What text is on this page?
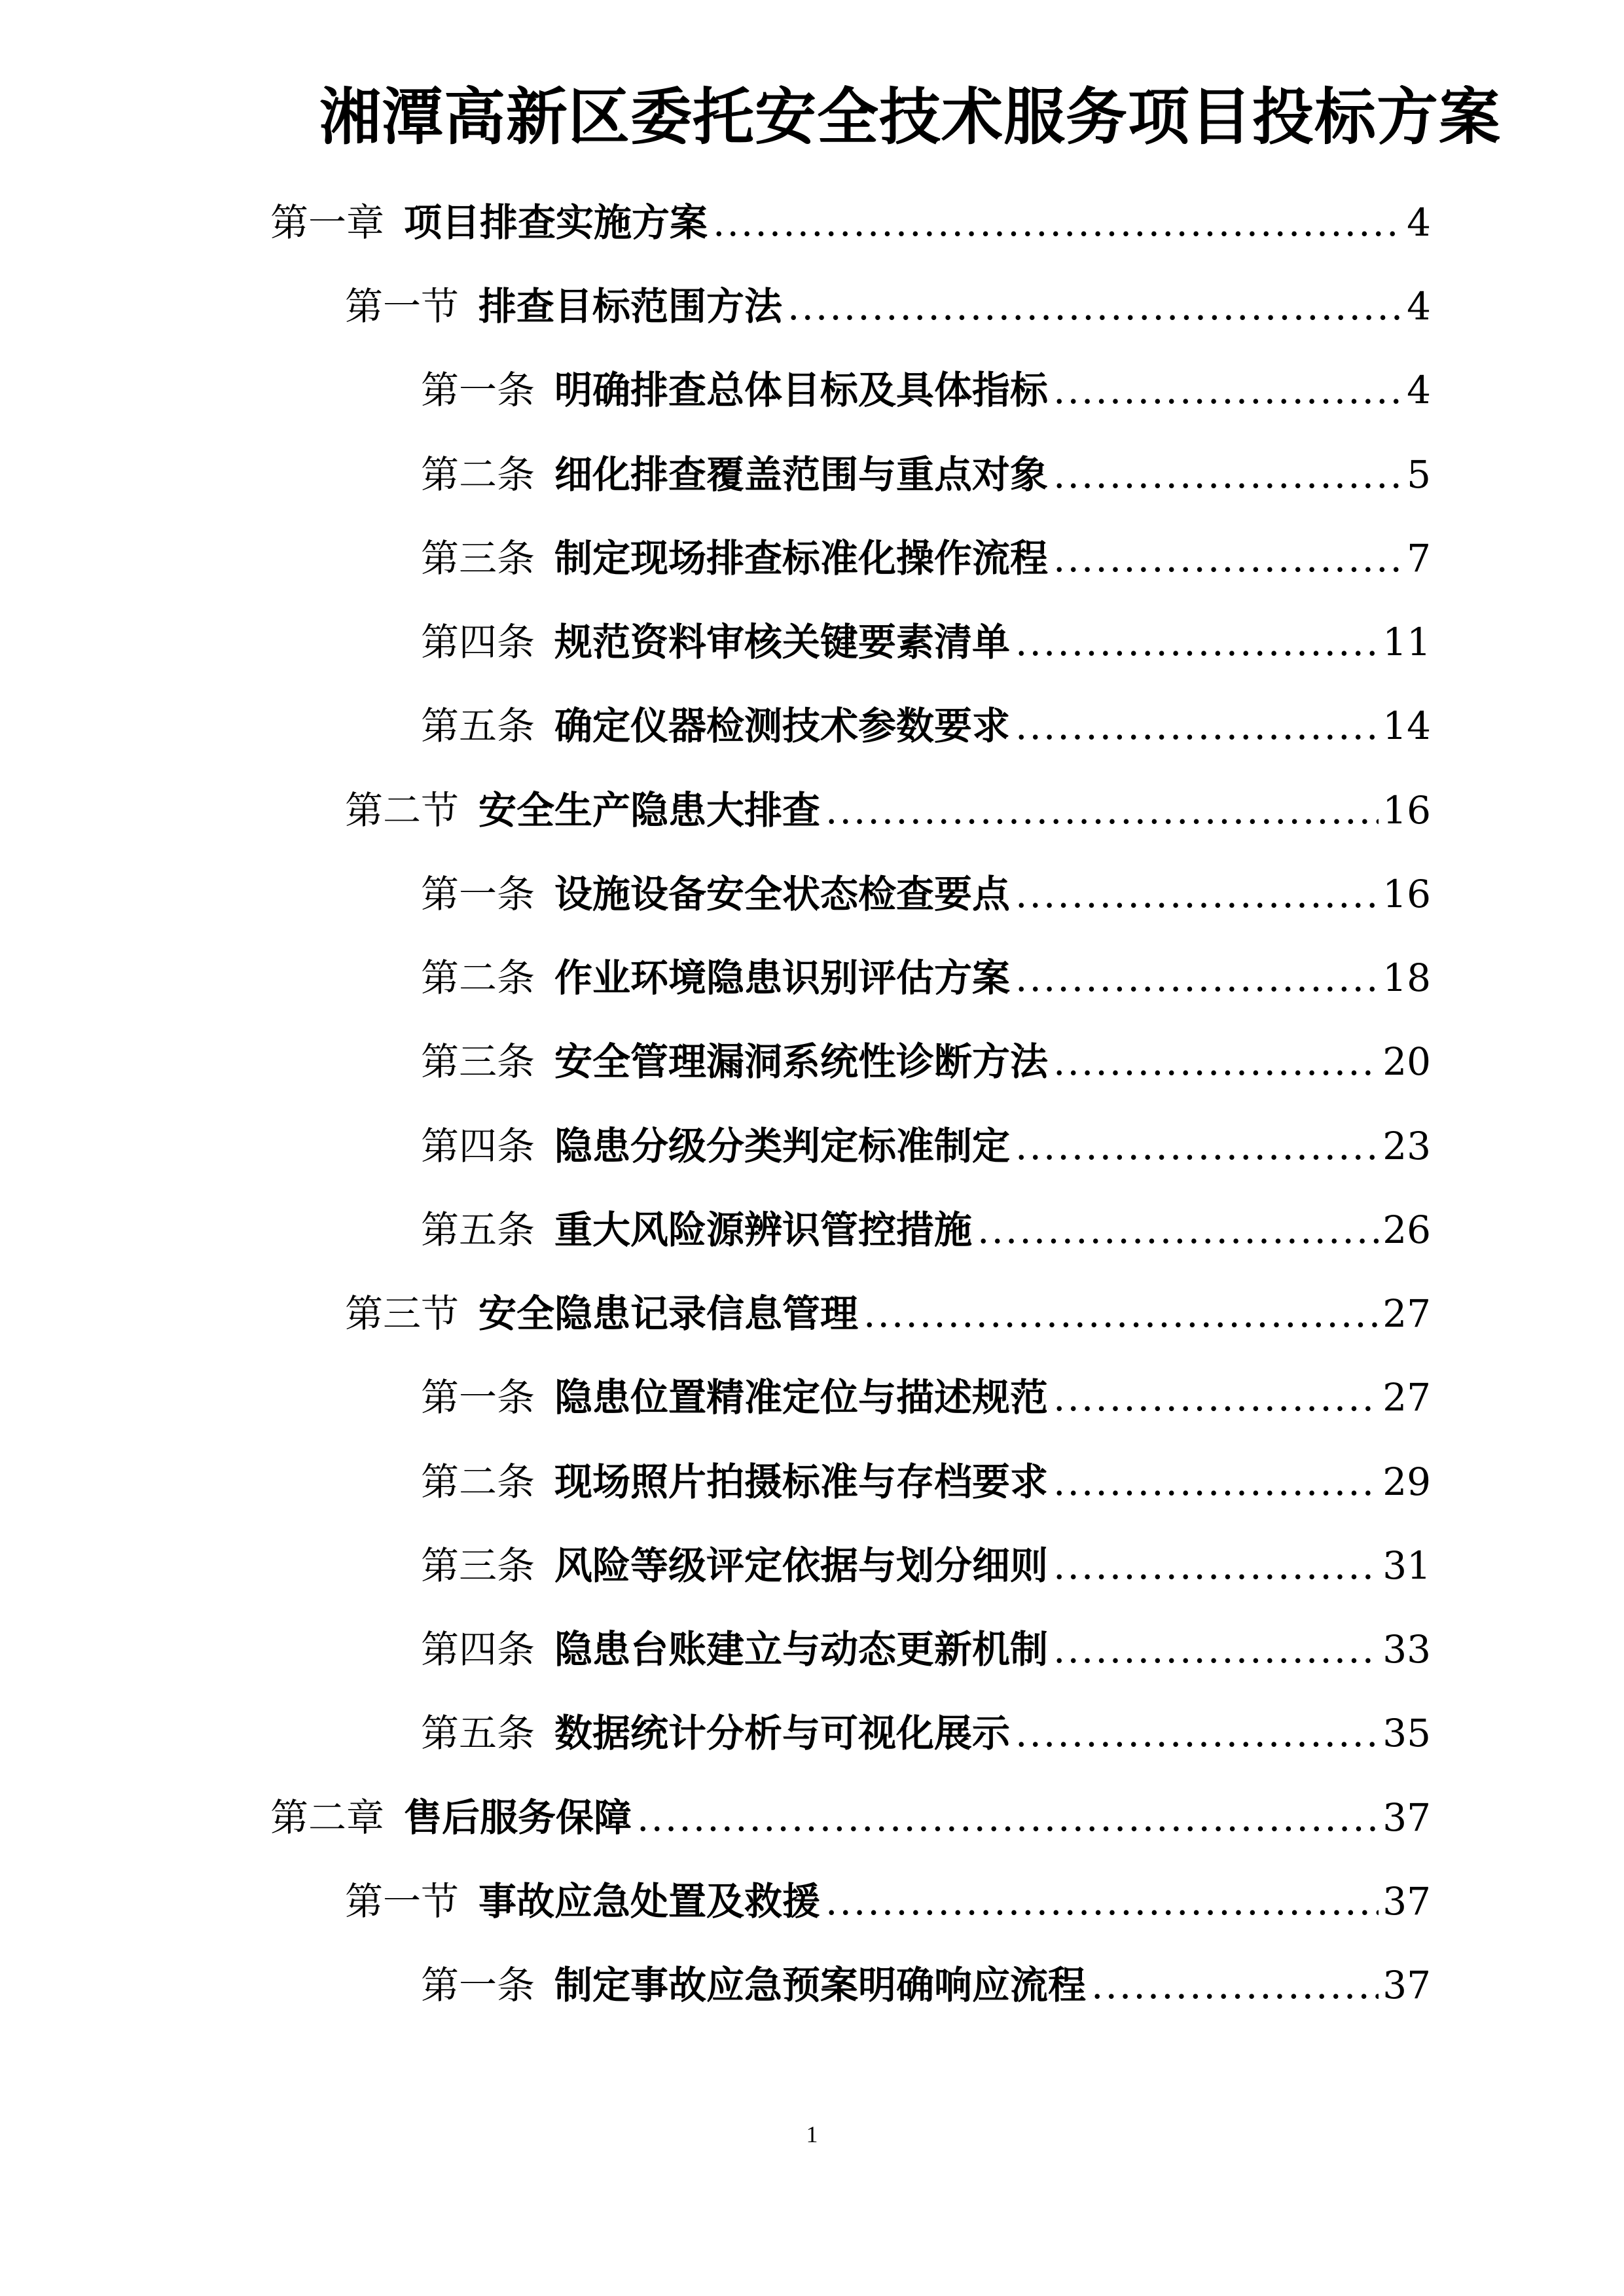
湘潭高新区委托安全技术服务项目投标方案
第一章 项目排查实施方案 .....	4
第一节 排查目标范围方法 .....	4
第一条 明确排查总体目标及具体指标 .....	4
第二条 细化排查覆盖范围与重点对象 .....	5
第三条 制定现场排查标准化操作流程 .....	7
第四条 规范资料审核关键要素清单 .....	11
第五条 确定仪器检测技术参数要求 .....	14
第二节 安全生产隐患大排查 .....	16
第一条 设施设备安全状态检查要点 .....	16
第二条 作业环境隐患识别评估方案 .....	18
第三条 安全管理漏洞系统性诊断方法 .....	20
第四条 隐患分级分类判定标准制定 .....	23
第五条 重大风险源辨识管控措施 .....	26
第三节 安全隐患记录信息管理 .....	27
第一条 隐患位置精准定位与描述规范 .....	27
第二条 现场照片拍摄标准与存档要求 .....	29
第三条 风险等级评定依据与划分细则 .....	31
第四条 隐患台账建立与动态更新机制 .....	33
第五条 数据统计分析与可视化展示 .....	35
第二章 售后服务保障 .....	37
第一节 事故应急处置及救援 .....	37
第一条 制定事故应急预案明确响应流程 .....	37
1
